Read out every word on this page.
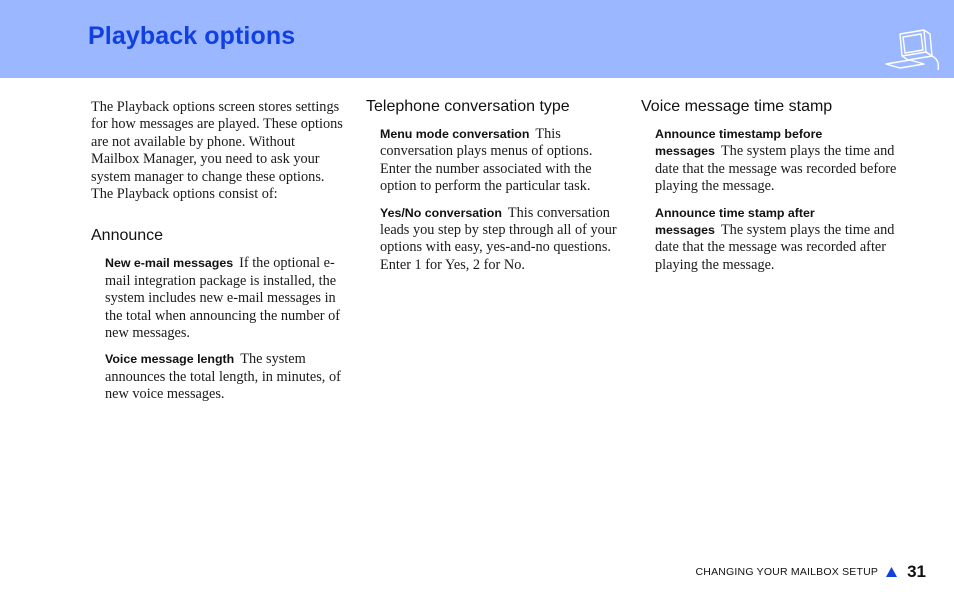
Playback options

The Playback options screen stores settings for how messages are played. These options are not available by phone. Without Mailbox Manager, you need to ask your system manager to change these options. The Playback options consist of:

Announce

New e-mail messages If the optional e-mail integration package is installed, the system includes new e-mail messages in the total when announcing the number of new messages.

Voice message length The system announces the total length, in minutes, of new voice messages.

Telephone conversation type

Menu mode conversation This conversation plays menus of options. Enter the number associated with the option to perform the particular task.

Yes/No conversation This conversation leads you step by step through all of your options with easy, yes-and-no questions. Enter 1 for Yes, 2 for No.

Voice message time stamp

Announce timestamp before messages The system plays the time and date that the message was recorded before playing the message.

Announce time stamp after messages The system plays the time and date that the message was recorded after playing the message.

CHANGING YOUR MAILBOX SETUP 31
